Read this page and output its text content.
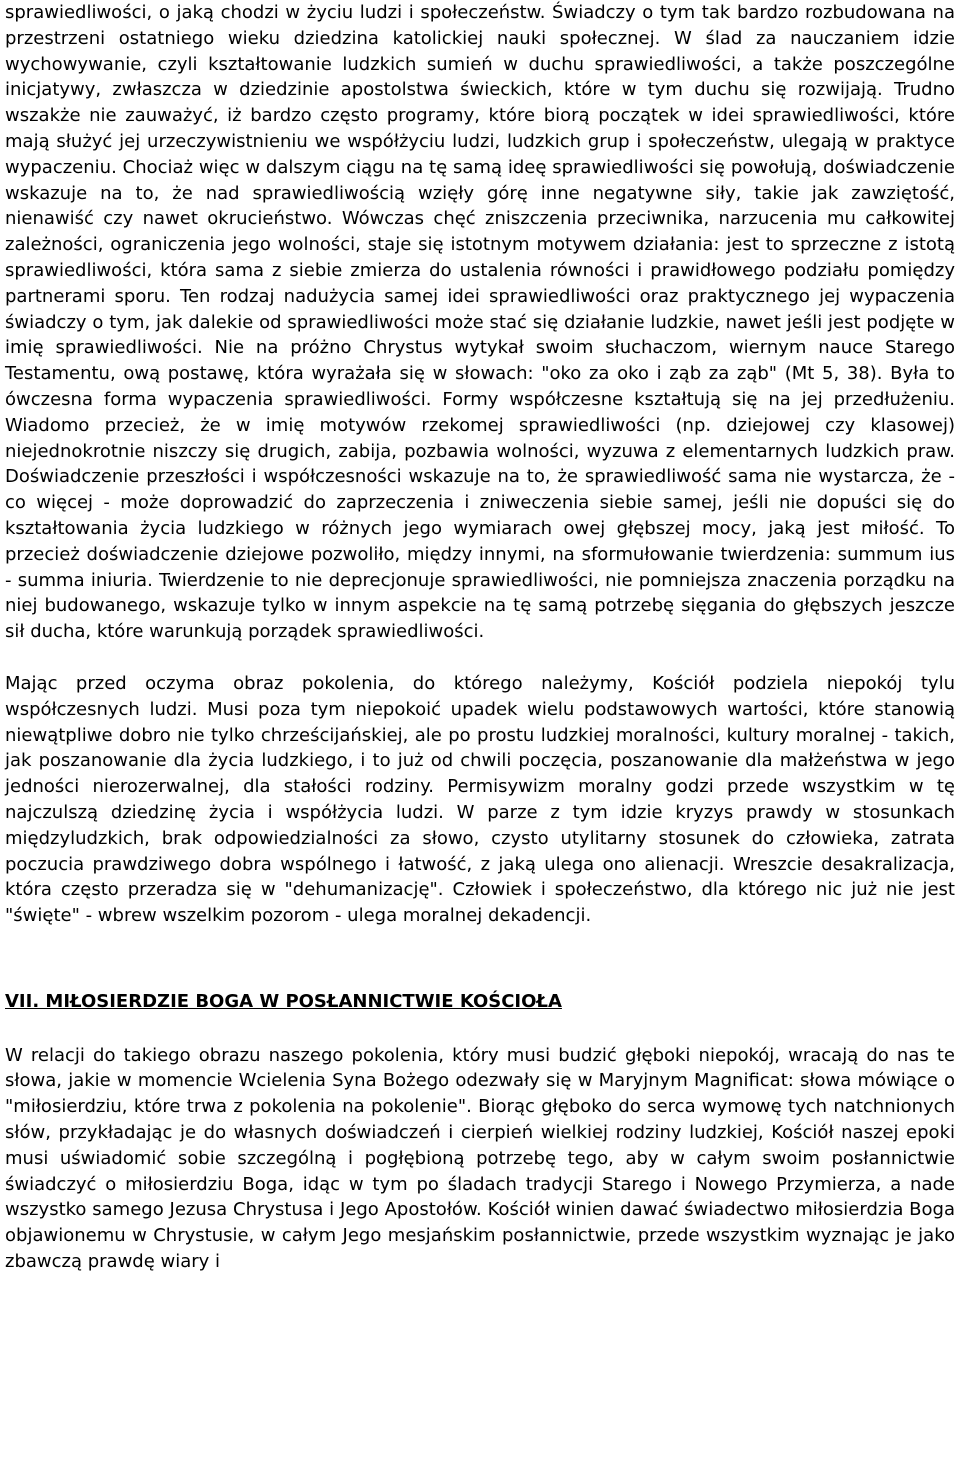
sprawiedliwości, o jaką chodzi w życiu ludzi i społeczeństw. Świadczy o tym tak bardzo rozbudowana na przestrzeni ostatniego wieku dziedzina katolickiej nauki społecznej. W ślad za nauczaniem idzie wychowywanie, czyli kształtowanie ludzkich sumień w duchu sprawiedliwości, a także poszczególne inicjatywy, zwłaszcza w dziedzinie apostolstwa świeckich, które w tym duchu się rozwijają. Trudno wszakże nie zauważyć, iż bardzo często programy, które biorą początek w idei sprawiedliwości, które mają służyć jej urzeczywistnieniu we współżyciu ludzi, ludzkich grup i społeczeństw, ulegają w praktyce wypaczeniu. Chociaż więc w dalszym ciągu na tę samą ideę sprawiedliwości się powołują, doświadczenie wskazuje na to, że nad sprawiedliwością wzięły górę inne negatywne siły, takie jak zawziętość, nienawiść czy nawet okrucieństwo. Wówczas chęć zniszczenia przeciwnika, narzucenia mu całkowitej zależności, ograniczenia jego wolności, staje się istotnym motywem działania: jest to sprzeczne z istotą sprawiedliwości, która sama z siebie zmierza do ustalenia równości i prawidłowego podziału pomiędzy partnerami sporu. Ten rodzaj nadużycia samej idei sprawiedliwości oraz praktycznego jej wypaczenia świadczy o tym, jak dalekie od sprawiedliwości może stać się działanie ludzkie, nawet jeśli jest podjęte w imię sprawiedliwości. Nie na próżno Chrystus wytykał swoim słuchaczom, wiernym nauce Starego Testamentu, ową postawę, która wyrażała się w słowach: "oko za oko i ząb za ząb" (Mt 5, 38). Była to ówczesna forma wypaczenia sprawiedliwości. Formy współczesne kształtują się na jej przedłużeniu. Wiadomo przecież, że w imię motywów rzekomej sprawiedliwości (np. dziejowej czy klasowej) niejednokrotnie niszczy się drugich, zabija, pozbawia wolności, wyzuwa z elementarnych ludzkich praw. Doświadczenie przeszłości i współczesności wskazuje na to, że sprawiedliwość sama nie wystarcza, że - co więcej - może doprowadzić do zaprzeczenia i zniweczenia siebie samej, jeśli nie dopuści się do kształtowania życia ludzkiego w różnych jego wymiarach owej głębszej mocy, jaką jest miłość. To przecież doświadczenie dziejowe pozwoliło, między innymi, na sformułowanie twierdzenia: summum ius - summa iniuria. Twierdzenie to nie deprecjonuje sprawiedliwości, nie pomniejsza znaczenia porządku na niej budowanego, wskazuje tylko w innym aspekcie na tę samą potrzebę sięgania do głębszych jeszcze sił ducha, które warunkują porządek sprawiedliwości.

Mając przed oczyma obraz pokolenia, do którego należymy, Kościół podziela niepokój tylu współczesnych ludzi. Musi poza tym niepokoić upadek wielu podstawowych wartości, które stanowią niewątpliwe dobro nie tylko chrześcijańskiej, ale po prostu ludzkiej moralności, kultury moralnej - takich, jak poszanowanie dla życia ludzkiego, i to już od chwili poczęcia, poszanowanie dla małżeństwa w jego jedności nierozerwalnej, dla stałości rodziny. Permisywizm moralny godzi przede wszystkim w tę najczulszą dziedzinę życia i współżycia ludzi. W parze z tym idzie kryzys prawdy w stosunkach międzyludzkich, brak odpowiedzialności za słowo, czysto utylitarny stosunek do człowieka, zatrata poczucia prawdziwego dobra wspólnego i łatwość, z jaką ulega ono alienacji. Wreszcie desakralizacja, która często przeradza się w "dehumanizację". Człowiek i społeczeństwo, dla którego nic już nie jest "święte" - wbrew wszelkim pozorom - ulega moralnej dekadencji.

VII. MIŁOSIERDZIE BOGA W POSŁANNICTWIE KOŚCIOŁA

W relacji do takiego obrazu naszego pokolenia, który musi budzić głęboki niepokój, wracają do nas te słowa, jakie w momencie Wcielenia Syna Bożego odezwały się w Maryjnym Magnificat: słowa mówiące o "miłosierdziu, które trwa z pokolenia na pokolenie". Biorąc głęboko do serca wymowę tych natchnionych słów, przykładając je do własnych doświadczeń i cierpień wielkiej rodziny ludzkiej, Kościół naszej epoki musi uświadomić sobie szczególną i pogłębioną potrzebę tego, aby w całym swoim posłannictwie świadczyć o miłosierdziu Boga, idąc w tym po śladach tradycji Starego i Nowego Przymierza, a nade wszystko samego Jezusa Chrystusa i Jego Apostołów. Kościół winien dawać świadectwo miłosierdzia Boga objawionemu w Chrystusie, w całym Jego mesjańskim posłannictwie, przede wszystkim wyznając je jako zbawczą prawdę wiary i
